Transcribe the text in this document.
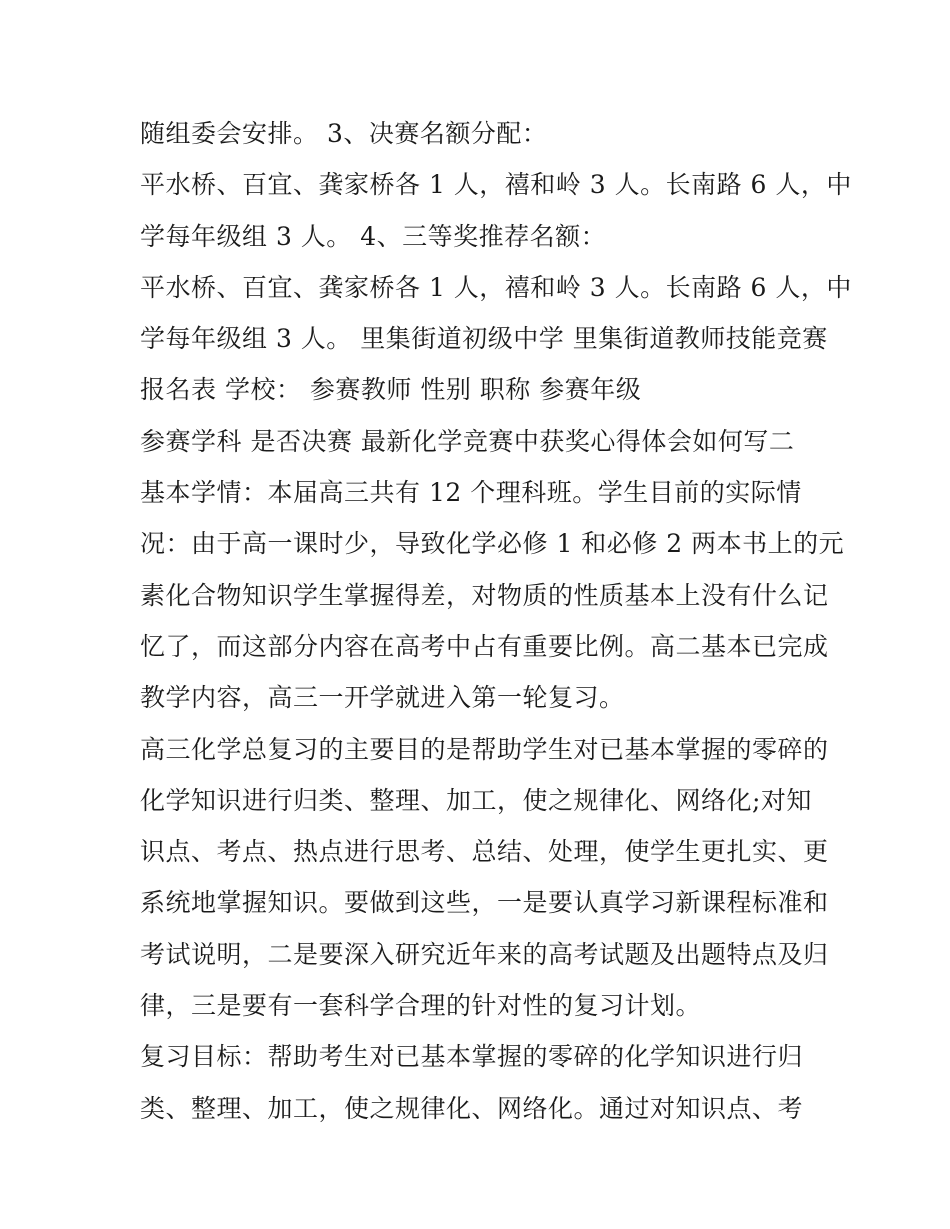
随组委会安排。 3、决赛名额分配：
平水桥、百宜、龚家桥各 1 人，禧和岭 3 人。长南路 6 人，中
学每年级组 3 人。 4、三等奖推荐名额：
平水桥、百宜、龚家桥各 1 人，禧和岭 3 人。长南路 6 人，中
学每年级组 3 人。 里集街道初级中学 里集街道教师技能竞赛
报名表 学校： 参赛教师 性别 职称 参赛年级
参赛学科 是否决赛 最新化学竞赛中获奖心得体会如何写二
基本学情：本届高三共有 12 个理科班。学生目前的实际情
况：由于高一课时少，导致化学必修 1 和必修 2 两本书上的元
素化合物知识学生掌握得差，对物质的性质基本上没有什么记
忆了，而这部分内容在高考中占有重要比例。高二基本已完成
教学内容，高三一开学就进入第一轮复习。
高三化学总复习的主要目的是帮助学生对已基本掌握的零碎的
化学知识进行归类、整理、加工，使之规律化、网络化;对知
识点、考点、热点进行思考、总结、处理，使学生更扎实、更
系统地掌握知识。要做到这些，一是要认真学习新课程标准和
考试说明，二是要深入研究近年来的高考试题及出题特点及归
律，三是要有一套科学合理的针对性的复习计划。
复习目标：帮助考生对已基本掌握的零碎的化学知识进行归
类、整理、加工，使之规律化、网络化。通过对知识点、考
